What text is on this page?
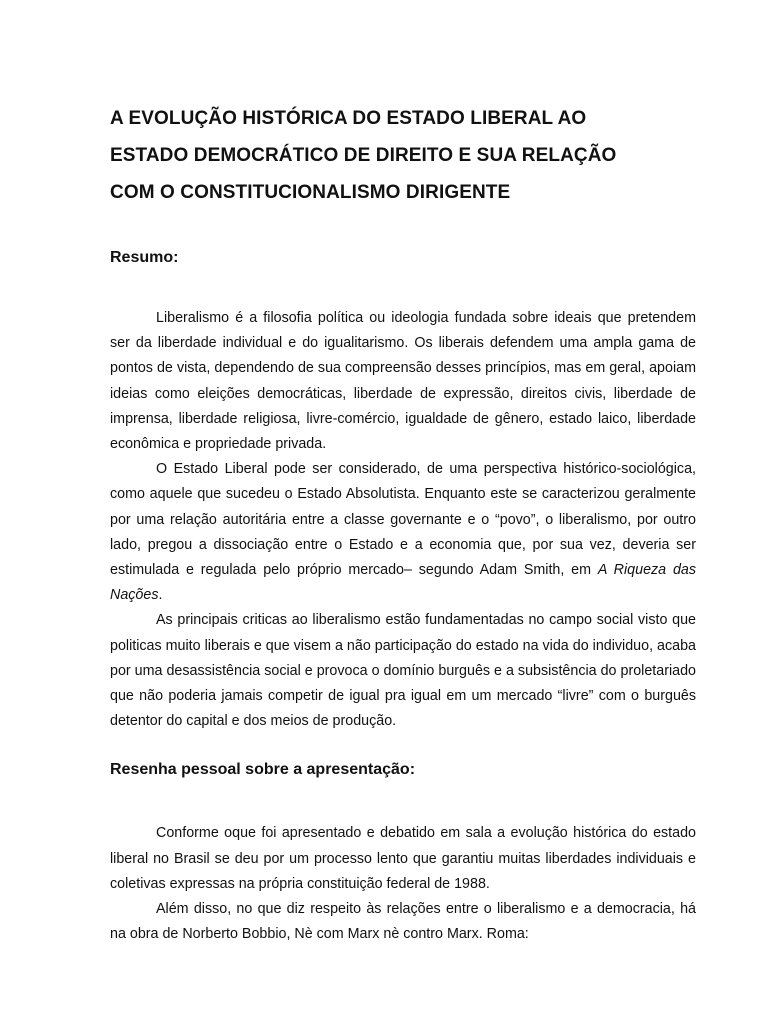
A EVOLUÇÃO HISTÓRICA DO ESTADO LIBERAL AO
ESTADO DEMOCRÁTICO DE DIREITO E SUA RELAÇÃO
COM O CONSTITUCIONALISMO DIRIGENTE
Resumo:

Liberalismo é a filosofia política ou ideologia fundada sobre ideais que pretendem ser da liberdade individual e do igualitarismo. Os liberais defendem uma ampla gama de pontos de vista, dependendo de sua compreensão desses princípios, mas em geral, apoiam ideias como eleições democráticas, liberdade de expressão, direitos civis, liberdade de imprensa, liberdade religiosa, livre-comércio, igualdade de gênero, estado laico, liberdade econômica e propriedade privada.

O Estado Liberal pode ser considerado, de uma perspectiva histórico-sociológica, como aquele que sucedeu o Estado Absolutista. Enquanto este se caracterizou geralmente por uma relação autoritária entre a classe governante e o “povo”, o liberalismo, por outro lado, pregou a dissociação entre o Estado e a economia que, por sua vez, deveria ser estimulada e regulada pelo próprio mercado– segundo Adam Smith, em A Riqueza das Nações.

As principais criticas ao liberalismo estão fundamentadas no campo social visto que politicas muito liberais e que visem a não participação do estado na vida do individuo, acaba por uma desassistência social e provoca o domínio burguês e a subsistência do proletariado que não poderia jamais competir de igual pra igual em um mercado “livre” com o burguês detentor do capital e dos meios de produção.

Resenha pessoal sobre a apresentação:

Conforme oque foi apresentado e debatido em sala a evolução histórica do estado liberal no Brasil se deu por um processo lento que garantiu muitas liberdades individuais e coletivas expressas na própria constituição federal de 1988.

Além disso, no que diz respeito às relações entre o liberalismo e a democracia, há na obra de Norberto Bobbio, Nè com Marx nè contro Marx. Roma:
